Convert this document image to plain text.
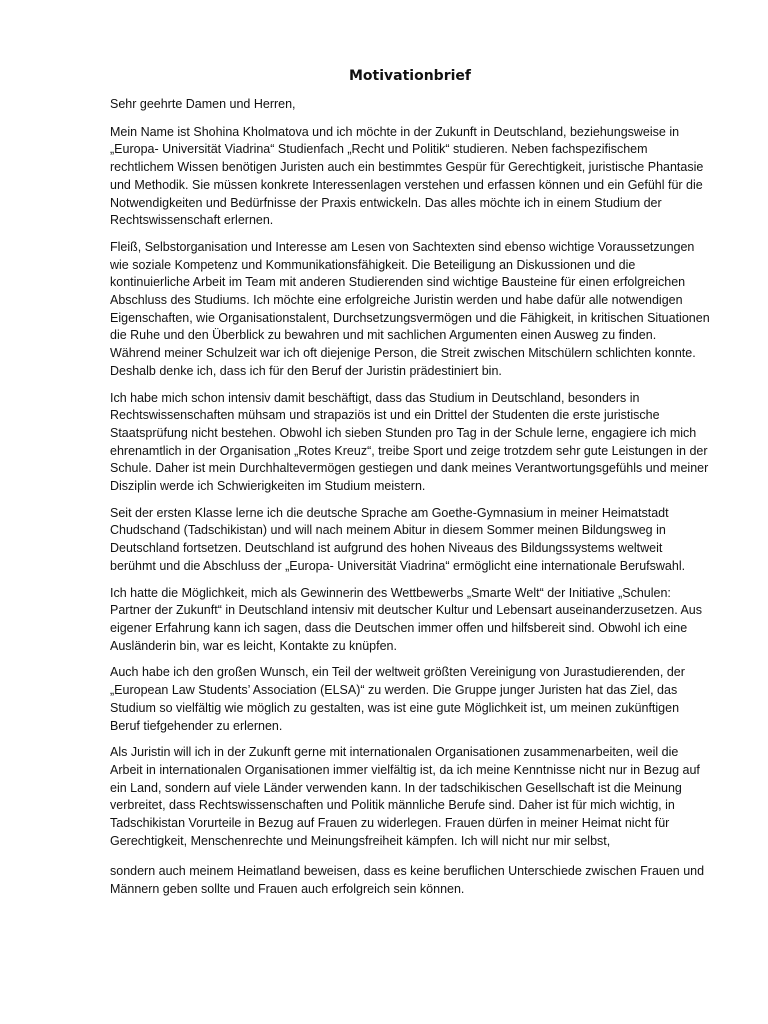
Motivationbrief

Sehr geehrte Damen und Herren,

Mein Name ist Shohina Kholmatova und ich möchte in der Zukunft in Deutschland, beziehungsweise in „Europa- Universität Viadrina“ Studienfach „Recht und Politik“ studieren. Neben fachspezifischem rechtlichem Wissen benötigen Juristen auch ein bestimmtes Gespür für Gerechtigkeit, juristische Phantasie und Methodik. Sie müssen konkrete Interessenlagen verstehen und erfassen können und ein Gefühl für die Notwendigkeiten und Bedürfnisse der Praxis entwickeln. Das alles möchte ich in einem Studium der Rechtswissenschaft erlernen.

Fleiß, Selbstorganisation und Interesse am Lesen von Sachtexten sind ebenso wichtige Voraussetzungen wie soziale Kompetenz und Kommunikationsfähigkeit. Die Beteiligung an Diskussionen und die kontinuierliche Arbeit im Team mit anderen Studierenden sind wichtige Bausteine für einen erfolgreichen Abschluss des Studiums. Ich möchte eine erfolgreiche Juristin werden und habe dafür alle notwendigen Eigenschaften, wie Organisationstalent, Durchsetzungsvermögen und die Fähigkeit, in kritischen Situationen die Ruhe und den Überblick zu bewahren und mit sachlichen Argumenten einen Ausweg zu finden. Während meiner Schulzeit war ich oft diejenige Person, die Streit zwischen Mitschülern schlichten konnte. Deshalb denke ich, dass ich für den Beruf der Juristin prädestiniert bin.

Ich habe mich schon intensiv damit beschäftigt, dass das Studium in Deutschland, besonders in Rechtswissenschaften mühsam und strapaziös ist und ein Drittel der Studenten die erste juristische Staatsprüfung nicht bestehen. Obwohl ich sieben Stunden pro Tag in der Schule lerne, engagiere ich mich ehrenamtlich in der Organisation „Rotes Kreuz“, treibe Sport und zeige trotzdem sehr gute Leistungen in der Schule. Daher ist mein Durchhaltevermögen gestiegen und dank meines Verantwortungsgefühls und meiner Disziplin werde ich Schwierigkeiten im Studium meistern.

Seit der ersten Klasse lerne ich die deutsche Sprache am Goethe-Gymnasium in meiner Heimatstadt Chudschand (Tadschikistan) und will nach meinem Abitur in diesem Sommer meinen Bildungsweg in Deutschland fortsetzen. Deutschland ist aufgrund des hohen Niveaus des Bildungssystems weltweit berühmt und die Abschluss der „Europa- Universität Viadrina“ ermöglicht eine internationale Berufswahl.

Ich hatte die Möglichkeit, mich als Gewinnerin des Wettbewerbs „Smarte Welt“ der Initiative „Schulen: Partner der Zukunft“ in Deutschland intensiv mit deutscher Kultur und Lebensart auseinanderzusetzen. Aus eigener Erfahrung kann ich sagen, dass die Deutschen immer offen und hilfsbereit sind. Obwohl ich eine Ausländerin bin, war es leicht, Kontakte zu knüpfen.

Auch habe ich den großen Wunsch, ein Teil der weltweit größten Vereinigung von Jurastudierenden, der „European Law Students’ Association (ELSA)“ zu werden. Die Gruppe junger Juristen hat das Ziel, das Studium so vielfältig wie möglich zu gestalten, was ist eine gute Möglichkeit ist, um meinen zukünftigen Beruf tiefgehender zu erlernen.

Als Juristin will ich in der Zukunft gerne mit internationalen Organisationen zusammenarbeiten, weil die Arbeit in internationalen Organisationen immer vielfältig ist, da ich meine Kenntnisse nicht nur in Bezug auf ein Land, sondern auf viele Länder verwenden kann. In der tadschikischen Gesellschaft ist die Meinung verbreitet, dass Rechtswissenschaften und Politik männliche Berufe sind. Daher ist für mich wichtig, in Tadschikistan Vorurteile in Bezug auf Frauen zu widerlegen. Frauen dürfen in meiner Heimat nicht für Gerechtigkeit, Menschenrechte und Meinungsfreiheit kämpfen. Ich will nicht nur mir selbst,

sondern auch meinem Heimatland beweisen, dass es keine beruflichen Unterschiede zwischen Frauen und Männern geben sollte und Frauen auch erfolgreich sein können.
